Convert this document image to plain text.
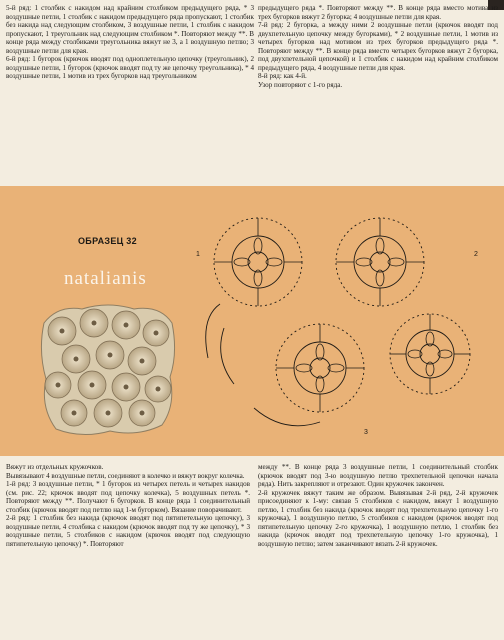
5-й ряд: 1 столбик с накидом над крайним столбиком предыдущего ряда, * 3 воздушные петли, 1 столбик с накидом предыдущего ряда пропускают, 1 столбик без накида над следующим столбиком, 3 воздушные петли, 1 столбик с накидом пропускают, 1 треугольник над следующим столбиком *. Повторяют между **. В конце ряда между столбиками треугольника вяжут не 3, а 1 воздушную петлю; 3 воздушные петли для края.

6-й ряд: 1 бугорок (крючок вводят под одноплетельную цепочку (треугольник), 2 воздушные петли, 1 бугорок (крючок вводят под ту же цепочку треугольника), * 4 воздушные петли, 1 мотив из трех бугорков над треугольником

предыдущего ряда *. Повторяют между **. В конце ряда вместо мотива из трех бугорков вяжут 2 бугорка; 4 воздушные петли для края.

7-й ряд: 2 бугорка, а между ними 2 воздушные петли (крючок вводят под двухпетельную цепочку между бугорками), * 2 воздушные петли, 1 мотив из четырех бугорков над мотивом из трех бугорков предыдущего ряда *. Повторяют между **. В конце ряда вместо четырех бугорков вяжут 2 бугорка, под двухпетельной цепочкой) и 1 столбик с накидом над крайним столбиком предыдущего ряда, 4 воздушные петли для края.

8-й ряд: как 4-й.

Узор повторяют с 1-го ряда.

ОБРАЗЕЦ 32
natalianis
1	2
3

Вяжут из отдельных кружочков.

Вывязывают 4 воздушные петли, соединяют в колечко и вяжут вокруг колечка.

1-й ряд: 3 воздушные петли, * 1 бугорок из четырех петель и четырех накидов (см. рис. 22; крючок вводят под цепочку колечка), 5 воздушных петель *. Повторяют между **. Получают 6 бугорков. В конце ряда 1 соединительный столбик (крючок вводят под петлю над 1-м бугорком). Вязание поворачивают.

2-й ряд: 1 столбик без накида (крючок вводят под пятипетельную цепочку), 3 воздушные петли, 4 столбика с накидом (крючок вводят под ту же цепочку), * 3 воздушные петли, 5 столбиков с накидом (крючок вводят под следующую пятипетельную цепочку) *. Повторяют

между **. В конце ряда 3 воздушные петли, 1 соединительный столбик (крючок вводят под 3-ю воздушную петлю трехпетельной цепочки начала ряда). Нить закрепляют и отрезают. Один кружочек закончен.

2-й кружочек вяжут таким же образом. Вывязывая 2-й ряд, 2-й кружочек присоединяют к 1-му: связав 5 столбиков с накидом, вяжут 1 воздушную петлю, 1 столбик без накида (крючок вводят под трехпетельную цепочку 1-го кружочка), 1 воздушную петлю, 5 столбиков с накидом (крючок вводят под пятипетельную цепочку 2-го кружочка), 1 воздушную петлю, 1 столбик без накида (крючок вводят под трехпетельную цепочку 1-го кружочка), 1 воздушную петлю; затем заканчивают вязать 2-й кружочек.
